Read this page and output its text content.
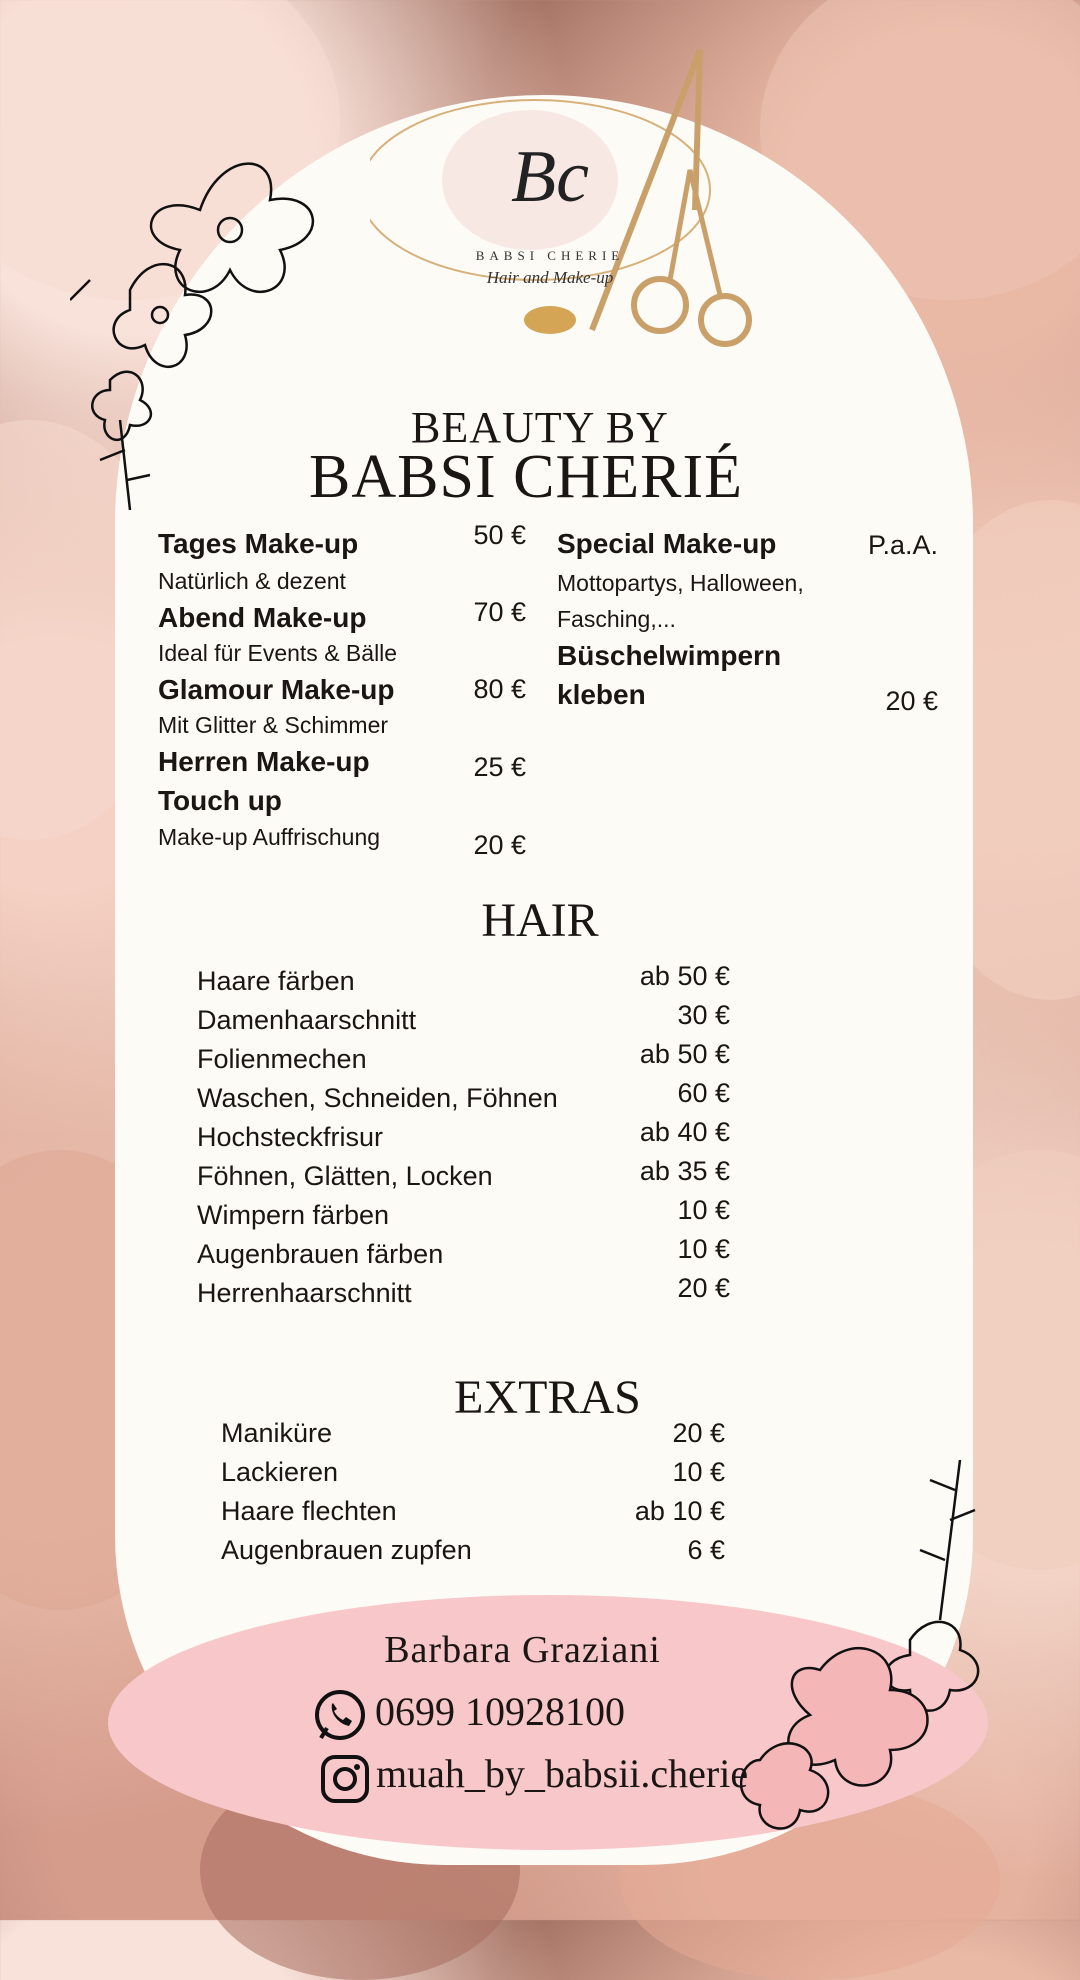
Bc
BABSI CHERIE
Hair and Make-up
BEAUTY BY
BABSI CHERIÉ
Tages Make-up	50 €
Natürlich & dezent
Abend Make-up	70 €
Ideal für Events & Bälle
Glamour Make-up	80 €
Mit Glitter & Schimmer
Herren Make-up	25 €
Touch up
Make-up Auffrischung	20 €
Special Make-up	P.a.A.
Mottopartys, Halloween,
Fasching,...
Büschelwimpern
kleben	20 €
HAIR
Haare färben	ab 50 €
Damenhaarschnitt	30 €
Folienmechen	ab 50 €
Waschen, Schneiden, Föhnen	60 €
Hochsteckfrisur	ab 40 €
Föhnen, Glätten, Locken	ab 35 €
Wimpern färben	10 €
Augenbrauen färben	10 €
Herrenhaarschnitt	20 €
EXTRAS
Maniküre	20 €
Lackieren	10 €
Haare flechten	ab 10 €
Augenbrauen zupfen	6 €
Barbara Graziani
0699 10928100
muah_by_babsii.cherie
